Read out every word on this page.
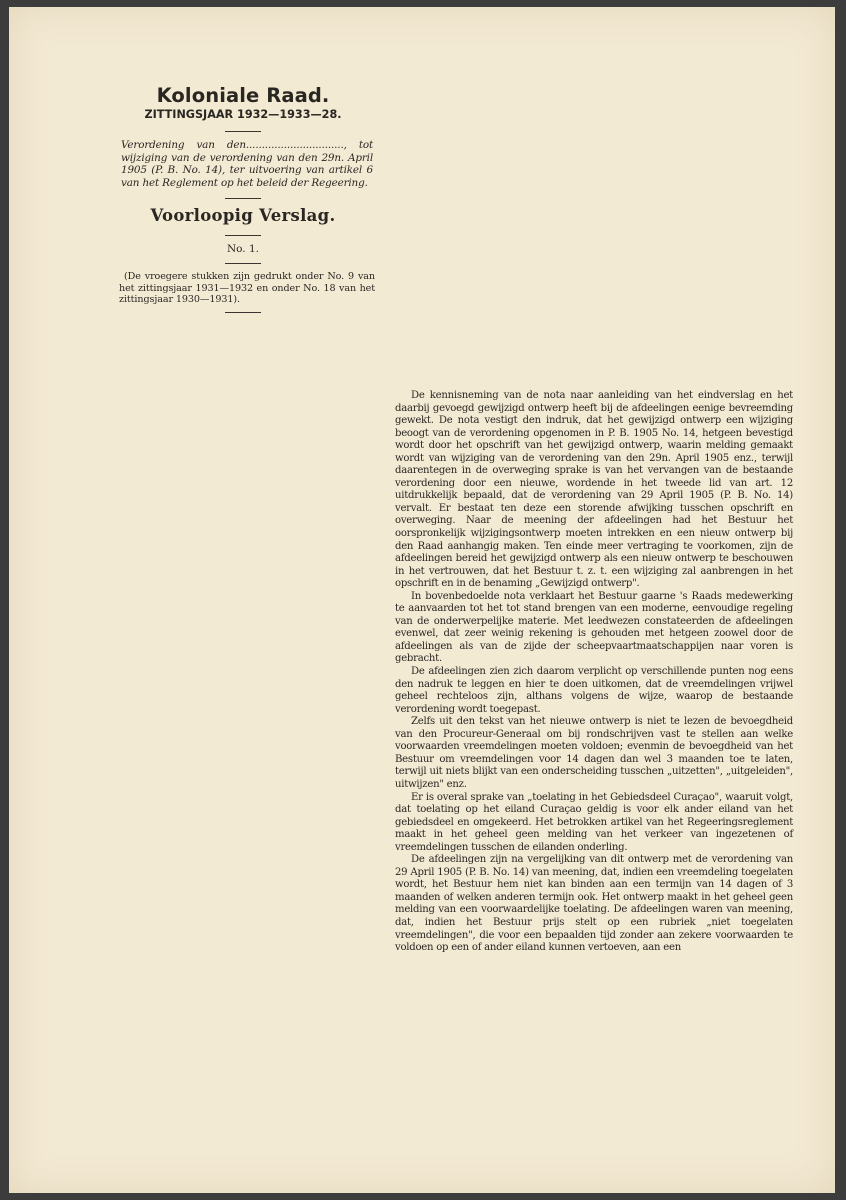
Koloniale Raad.
ZITTINGSJAAR 1932—1933—28.

Verordening van den..............................., tot wijziging van de verordening van den 29n. April 1905 (P. B. No. 14), ter uitvoering van artikel 6 van het Reglement op het beleid der Regeering.

Voorloopig Verslag.
No. 1.

(De vroegere stukken zijn gedrukt onder No. 9 van het zittingsjaar 1931—1932 en onder No. 18 van het zittingsjaar 1930—1931).

De kennisneming van de nota naar aanleiding van het eindverslag en het daarbij gevoegd gewijzigd ontwerp heeft bij de afdeelingen eenige bevreemding gewekt. De nota vestigt den indruk, dat het gewijzigd ontwerp een wijziging beoogt van de verordening opgenomen in P. B. 1905 No. 14, hetgeen bevestigd wordt door het opschrift van het gewijzigd ontwerp, waarin melding gemaakt wordt van wijziging van de verordening van den 29n. April 1905 enz., terwijl daarentegen in de overweging sprake is van het vervangen van de bestaande verordening door een nieuwe, wordende in het tweede lid van art. 12 uitdrukkelijk bepaald, dat de verordening van 29 April 1905 (P. B. No. 14) vervalt. Er bestaat ten deze een storende afwijking tusschen opschrift en overweging. Naar de meening der afdeelingen had het Bestuur het oorspronkelijk wijzigingsontwerp moeten intrekken en een nieuw ontwerp bij den Raad aanhangig maken. Ten einde meer vertraging te voorkomen, zijn de afdeelingen bereid het gewijzigd ontwerp als een nieuw ontwerp te beschouwen in het vertrouwen, dat het Bestuur t. z. t. een wijziging zal aanbrengen in het opschrift en in de benaming „Gewijzigd ontwerp".

In bovenbedoelde nota verklaart het Bestuur gaarne 's Raads medewerking te aanvaarden tot het tot stand brengen van een moderne, eenvoudige regeling van de onderwerpelijke materie. Met leedwezen constateerden de afdeelingen evenwel, dat zeer weinig rekening is gehouden met hetgeen zoowel door de afdeelingen als van de zijde der scheepvaartmaatschappijen naar voren is gebracht.

De afdeelingen zien zich daarom verplicht op verschillende punten nog eens den nadruk te leggen en hier te doen uitkomen, dat de vreemdelingen vrijwel geheel rechteloos zijn, althans volgens de wijze, waarop de bestaande verordening wordt toegepast.

Zelfs uit den tekst van het nieuwe ontwerp is niet te lezen de bevoegdheid van den Procureur-Generaal om bij rondschrijven vast te stellen aan welke voorwaarden vreemdelingen moeten voldoen; evenmin de bevoegdheid van het Bestuur om vreemdelingen voor 14 dagen dan wel 3 maanden toe te laten, terwijl uit niets blijkt van een onderscheiding tusschen „uitzetten", „uitgeleiden", uitwijzen" enz.

Er is overal sprake van „toelating in het Gebiedsdeel Curaçao", waaruit volgt, dat toelating op het eiland Curaçao geldig is voor elk ander eiland van het gebiedsdeel en omgekeerd. Het betrokken artikel van het Regeeringsreglement maakt in het geheel geen melding van het verkeer van ingezetenen of vreemdelingen tusschen de eilanden onderling.

De afdeelingen zijn na vergelijking van dit ontwerp met de verordening van 29 April 1905 (P. B. No. 14) van meening, dat, indien een vreemdeling toegelaten wordt, het Bestuur hem niet kan binden aan een termijn van 14 dagen of 3 maanden of welken anderen termijn ook. Het ontwerp maakt in het geheel geen melding van een voorwaardelijke toelating. De afdeelingen waren van meening, dat, indien het Bestuur prijs stelt op een rubriek „niet toegelaten vreemdelingen", die voor een bepaalden tijd zonder aan zekere voorwaarden te voldoen op een of ander eiland kunnen vertoeven, aan een
